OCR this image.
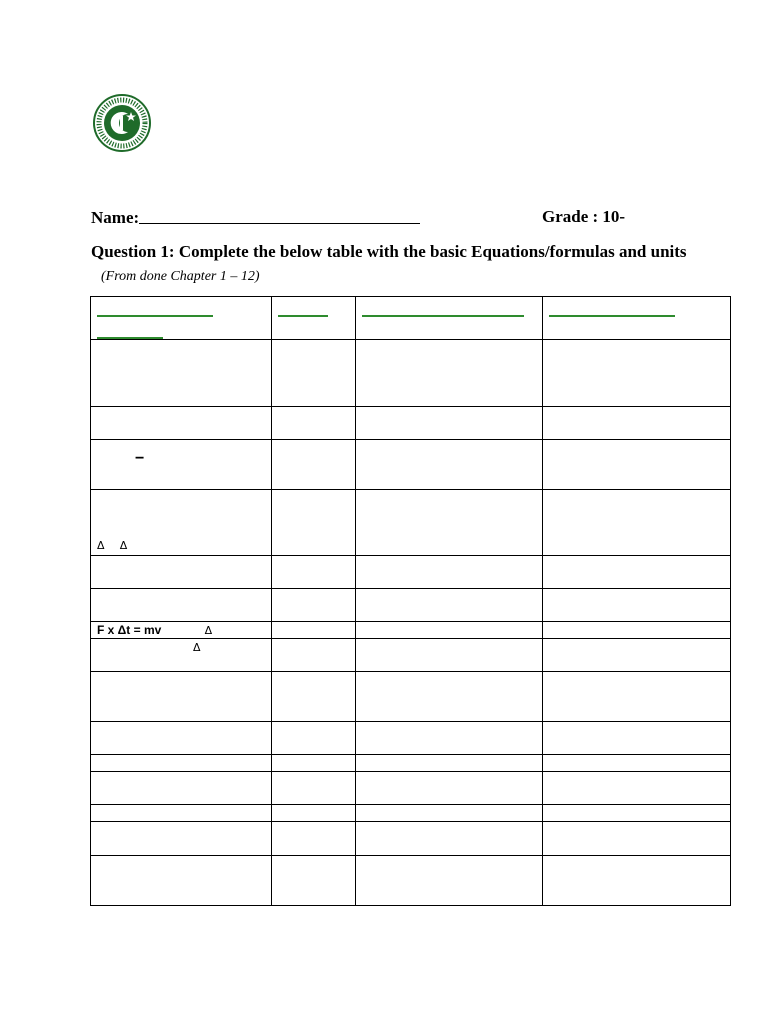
Name:	Grade : 10-
Question 1: Complete the below table with the basic Equations/formulas and units (From done Chapter 1 – 12)

−			

Δ Δ			

F x Δt = mv Δ			
Δ			
